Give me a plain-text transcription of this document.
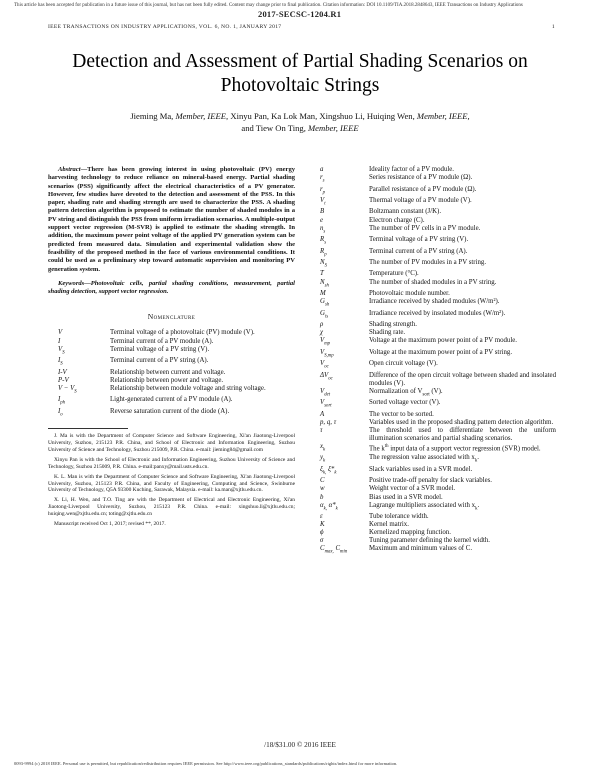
This article has been accepted for publication in a future issue of this journal, but has not been fully edited. Content may change prior to final publication. Citation information: DOI 10.1109/TIA.2018.2848643, IEEE Transactions on Industry Applications
2017-SECSC-1204.R1
IEEE TRANSACTIONS ON INDUSTRY APPLICATIONS, VOL. 6, NO. 1, JANUARY 2017	1
Detection and Assessment of Partial Shading Scenarios on Photovoltaic Strings
Jieming Ma, Member, IEEE, Xinyu Pan, Ka Lok Man, Xingshuo Li, Huiqing Wen, Member, IEEE,
and Tiew On Ting, Member, IEEE

Abstract—There has been growing interest in using photovoltaic (PV) energy harvesting technology to reduce reliance on mineral-based energy. Partial shading scenarios (PSS) significantly affect the electrical characteristics of a PV generator. However, few studies have devoted to the detection and assessment of the PSS. In this paper, shading rate and shading strength are used to characterize the PSS. A shading pattern detection algorithm is proposed to estimate the number of shaded modules in a PV string and distinguish the PSS from uniform irradiation scenarios. A multiple-output support vector regression (M-SVR) is applied to estimate the shading strength. In addition, the maximum power point voltage of the applied PV generation system can be predicted from measured data. Simulation and experimental validation show the feasibility of the proposed method in the face of various environmental conditions. It could be used as a preliminary step toward automatic supervision and monitoring PV generation system.

Keywords—Photovoltaic cells, partial shading conditions, measurement, partial shading detection, support vector regression.

Nomenclature
V	Terminal voltage of a photovoltaic (PV) module (V).
I	Terminal current of a PV module (A).
$V_S$	Terminal voltage of a PV string (V).
$I_S$	Terminal current of a PV string (A).
I-V	Relationship between current and voltage.
P-V	Relationship between power and voltage.
$V - V_S$	Relationship between module voltage and string voltage.
$I_{ph}$	Light-generated current of a PV module (A).
$I_o$	Reverse saturation current of the diode (A).

J. Ma is with the Department of Computer Science and Software Engineering, Xi'an Jiaotong-Liverpool University, Suzhou, 215123 P.R. China, and School of Electronic and Information Engineering, Suzhou University of Science and Technology, Suzhou 215009, P.R. China. e-mail: jieming84@gmail.com

Xinyu Pan is with the School of Electronic and Information Engineering, Suzhou University of Science and Technology, Suzhou 215009, P.R. China. e-mail:panxy@mail.usts.edu.cn.

K. L. Man is with the Department of Computer Science and Software Engineering, Xi'an Jiaotong-Liverpool University, Suzhou, 215123 P.R. China, and Faculty of Engineering, Computing and Science, Swinburne University of Technology, Q5A 93300 Kuching, Sarawak, Malaysia. e-mail: ka.man@xjtlu.edu.cn.

X. Li, H. Wen, and T.O. Ting are with the Department of Electrical and Electronic Engineering, Xi'an Jiaotong-Liverpool University, Suzhou, 215123 P.R. China. e-mail: xingshuo.li@xjtlu.edu.cn; huiqing.wen@xjtlu.edu.cn; toting@xjtlu.edu.cn

Manuscript received Oct 1, 2017; revised **, 2017.

a	Ideality factor of a PV module.
$r_s$	Series resistance of a PV module (Ω).
$r_p$	Parallel resistance of a PV module (Ω).
$V_t$	Thermal voltage of a PV module (V).
B	Boltzmann constant (J/K).
e	Electron charge (C).
$n_s$	The number of PV cells in a PV module.
$R_s$	Terminal voltage of a PV string (V).
$R_p$	Terminal current of a PV string (A).
$N_S$	The number of PV modules in a PV string.
T	Temperature (°C).
$N_{sh}$	The number of shaded modules in a PV string.
M	Photovoltaic module number.
$G_{sh}$	Irradiance received by shaded modules (W/m²).
$G_{is}$	Irradiance received by insolated modules (W/m²).
ρ	Shading strength.
χ	Shading rate.
$V_{mp}$	Voltage at the maximum power point of a PV module.
$V_{S,mp}$	Voltage at the maximum power point of a PV string.
$V_{oc}$	Open circuit voltage (V).
$\Delta V_{oc}$	Difference of the open circuit voltage between shaded and insolated modules (V).
$V_{det}$	Normalization of $V_{sort}$ (V).
$V_{sort}$	Sorted voltage vector (V).
A	The vector to be sorted.
p, q, τ	Variables used in the proposed shading pattern detection algorithm.
τ	The threshold used to differentiate between the uniform illumination scenarios and partial shading scenarios.
$x_k$	The $k^{th}$ input data of a support vector regression (SVR) model.
$y_k$	The regression value associated with $x_k$.
$\xi_{k,}$ $\xi*_k$	Slack variables used in a SVR model.
C	Positive trade-off penalty for slack variables.
w	Weight vector of a SVR model.
b	Bias used in a SVR model.
$\alpha_{k,}$ $\alpha*_k$	Lagrange multipliers associated with $x_k$.
ε	Tube tolerance width.
K	Kernel matrix.
ϕ	Kernelized mapping function.
σ	Tuning parameter defining the kernel width.
$C_{max,}$ $C_{min}$	Maximum and minimum values of C.
/18/$31.00 © 2016 IEEE
0093-9994 (c) 2018 IEEE. Personal use is permitted, but republication/redistribution requires IEEE permission. See http://www.ieee.org/publications_standards/publications/rights/index.html for more information.
